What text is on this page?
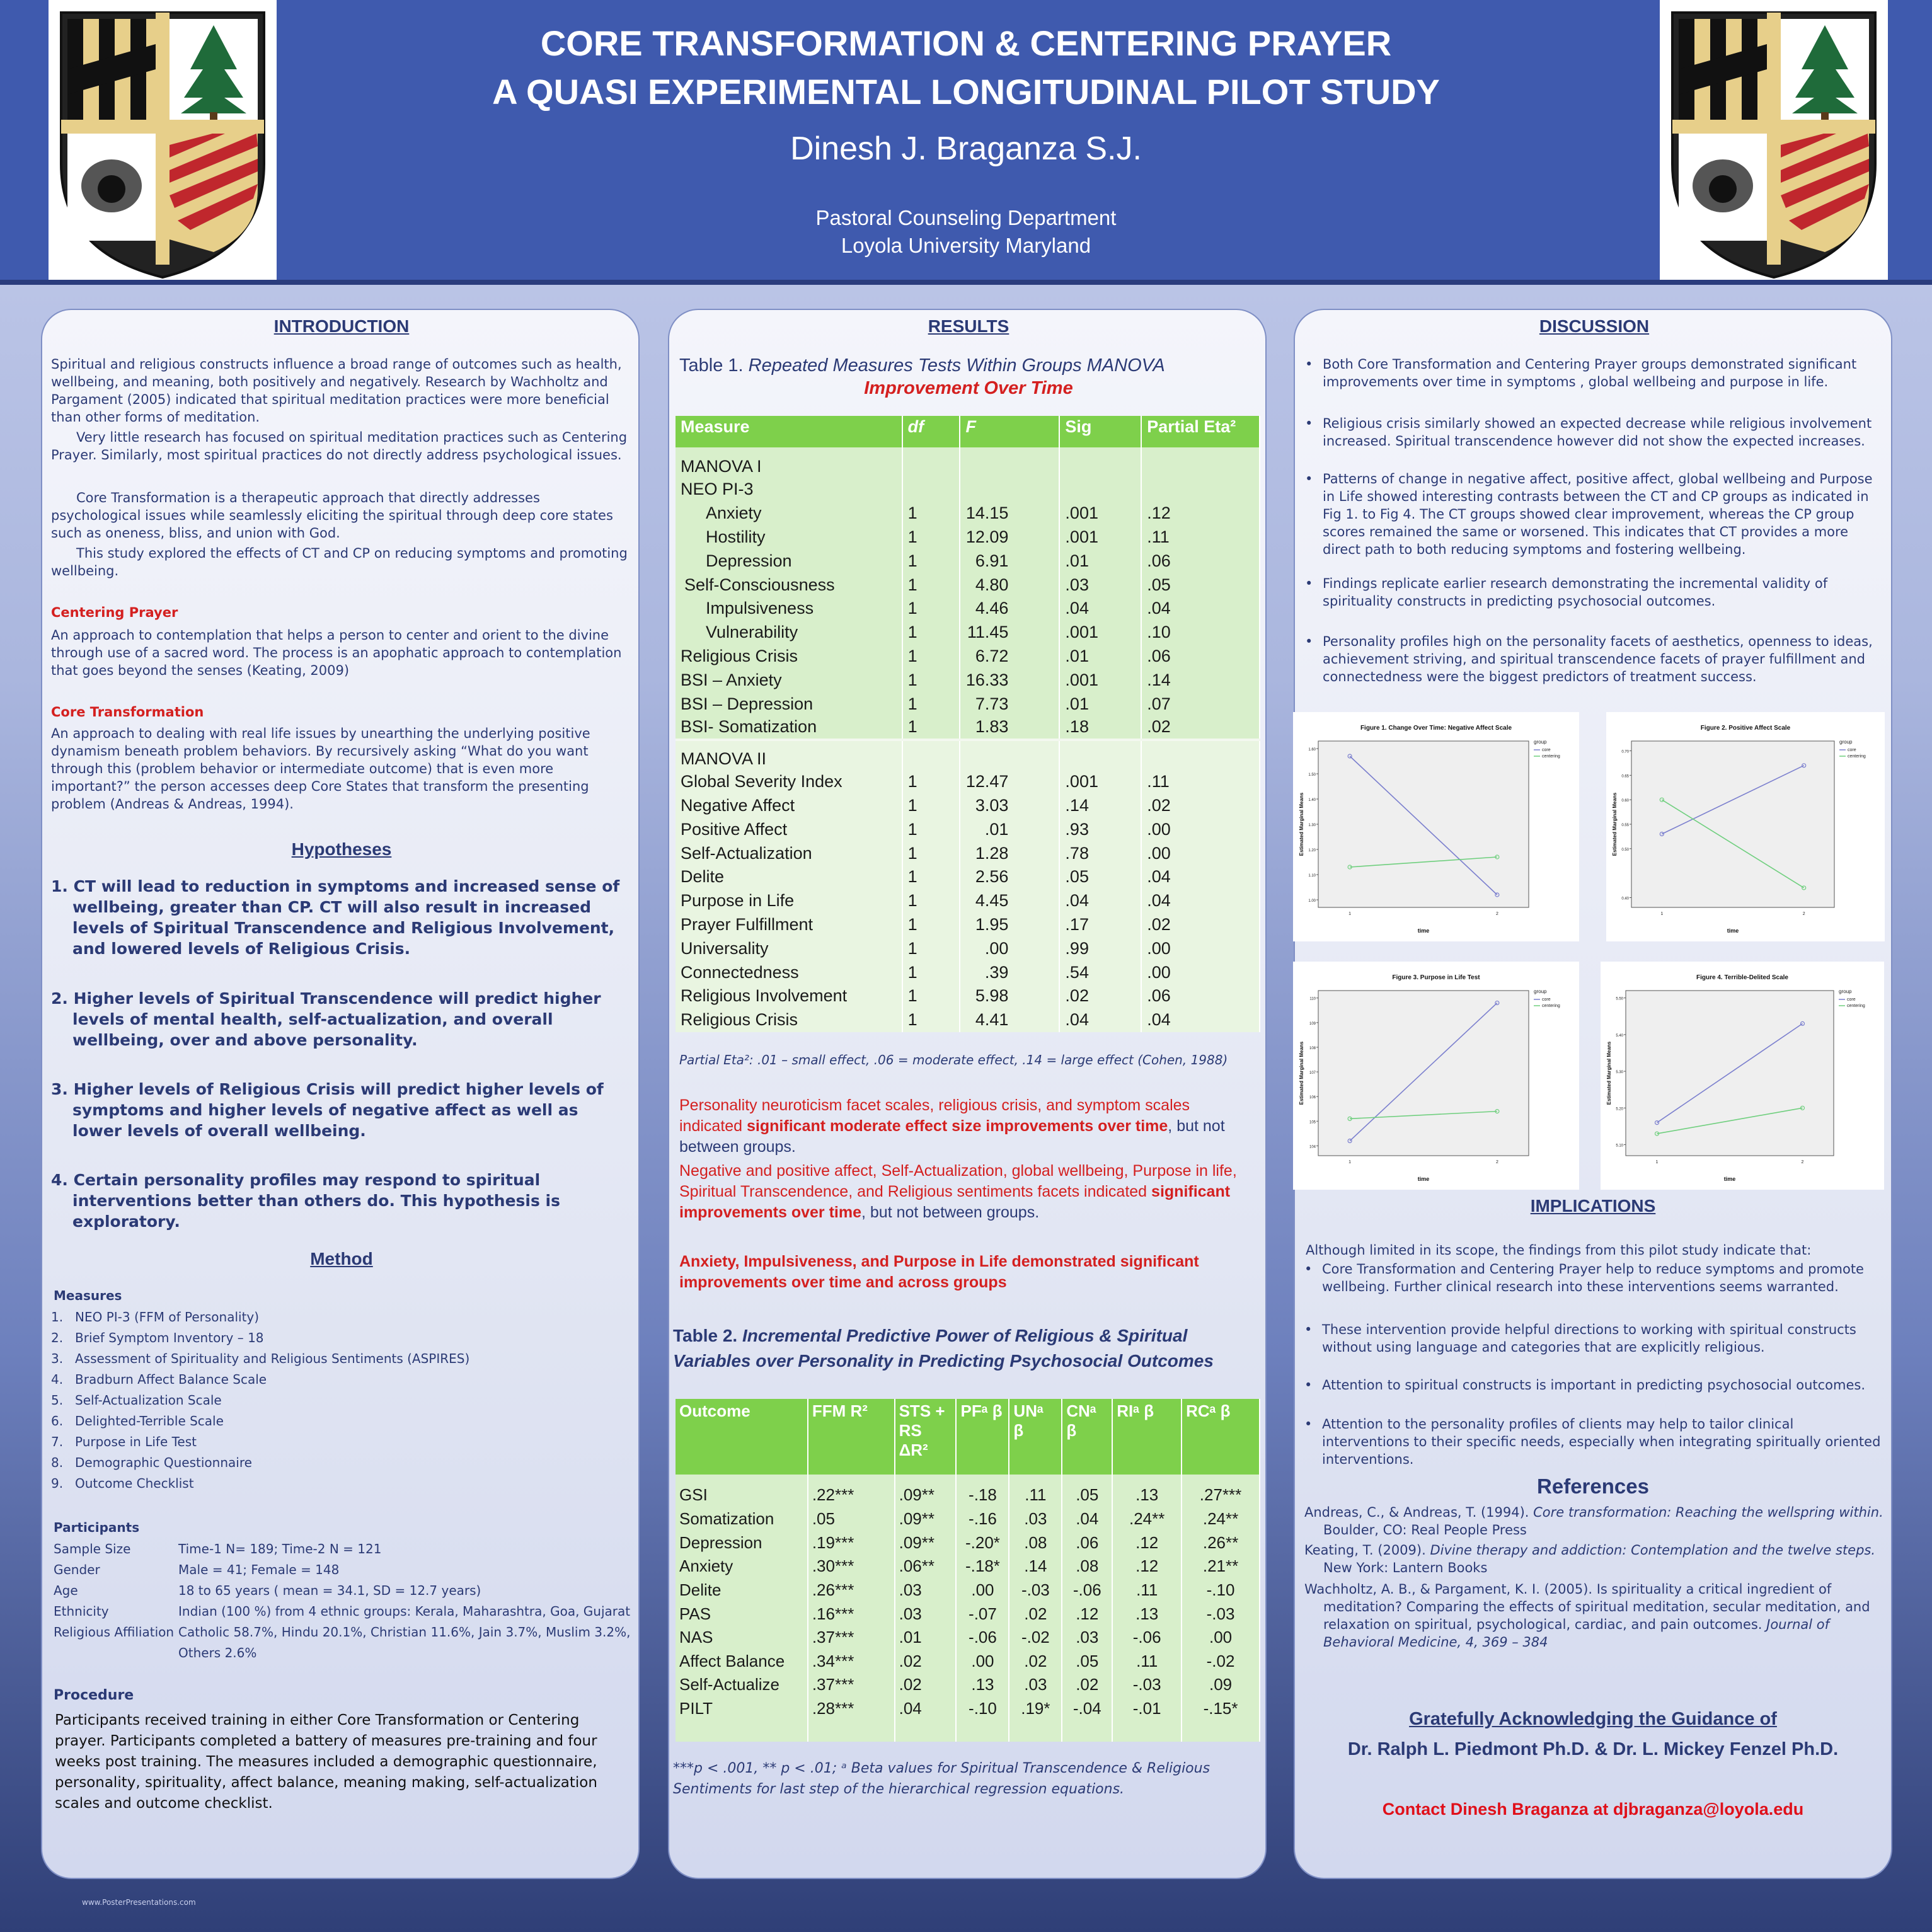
CORE TRANSFORMATION & CENTERING PRAYER
A QUASI EXPERIMENTAL LONGITUDINAL PILOT STUDY
Dinesh J. Braganza S.J.
Pastoral Counseling Department
Loyola University Maryland
INTRODUCTION
Spiritual and religious constructs influence a broad range of outcomes such as health, wellbeing, and meaning, both positively and negatively. Research by Wachholtz and Pargament (2005) indicated that spiritual meditation practices were more beneficial than other forms of meditation.
Very little research has focused on spiritual meditation practices such as Centering Prayer. Similarly, most spiritual practices do not directly address psychological issues.
Core Transformation is a therapeutic approach that directly addresses psychological issues while seamlessly eliciting the spiritual through deep core states such as oneness, bliss, and union with God.
This study explored the effects of CT and CP on reducing symptoms and promoting wellbeing.
Centering Prayer
An approach to contemplation that helps a person to center and orient to the divine through use of a sacred word. The process is an apophatic approach to contemplation that goes beyond the senses (Keating, 2009)
Core Transformation
An approach to dealing with real life issues by unearthing the underlying positive dynamism beneath problem behaviors. By recursively asking “What do you want through this (problem behavior or intermediate outcome) that is even more important?” the person accesses deep Core States that transform the presenting problem (Andreas & Andreas, 1994).
Hypotheses
1. CT will lead to reduction in symptoms and increased sense of wellbeing, greater than CP. CT will also result in increased levels of Spiritual Transcendence and Religious Involvement, and lowered levels of Religious Crisis.
2. Higher levels of Spiritual Transcendence will predict higher levels of mental health, self-actualization, and overall wellbeing, over and above personality.
3. Higher levels of Religious Crisis will predict higher levels of symptoms and higher levels of negative affect as well as lower levels of overall wellbeing.
4. Certain personality profiles may respond to spiritual interventions better than others do. This hypothesis is exploratory.
Method
Measures
1. NEO PI-3 (FFM of Personality)
2. Brief Symptom Inventory – 18
3. Assessment of Spirituality and Religious Sentiments (ASPIRES)
4. Bradburn Affect Balance Scale
5. Self-Actualization Scale
6. Delighted-Terrible Scale
7. Purpose in Life Test
8. Demographic Questionnaire
9. Outcome Checklist
Participants
Sample Size	Time-1 N= 189; Time-2 N = 121
Gender	Male = 41; Female = 148
Age	18 to 65 years ( mean = 34.1, SD = 12.7 years)
Ethnicity	Indian (100 %) from 4 ethnic groups: Kerala, Maharashtra, Goa, Gujarat
Religious Affiliation Catholic 58.7%, Hindu 20.1%, Christian 11.6%, Jain 3.7%, Muslim 3.2%, Others 2.6%
Procedure
Participants received training in either Core Transformation or Centering prayer. Participants completed a battery of measures pre-training and four weeks post training. The measures included a demographic questionnaire, personality, spirituality, affect balance, meaning making, self-actualization scales and outcome checklist.
RESULTS
Table 1. Repeated Measures Tests Within Groups MANOVA
Improvement Over Time
Measure	df	F	Sig	Partial Eta²
MANOVA I				
NEO PI-3				
Anxiety	1	14.15	.001	.12
Hostility	1	12.09	.001	.11
Depression	1	6.91	.01	.06
Self-Consciousness	1	4.80	.03	.05
Impulsiveness	1	4.46	.04	.04
Vulnerability	1	11.45	.001	.10
Religious Crisis	1	6.72	.01	.06
BSI – Anxiety	1	16.33	.001	.14
BSI – Depression	1	7.73	.01	.07
BSI- Somatization	1	1.83	.18	.02
MANOVA II				
Global Severity Index	1	12.47	.001	.11
Negative Affect	1	3.03	.14	.02
Positive Affect	1	.01	.93	.00
Self-Actualization	1	1.28	.78	.00
Delite	1	2.56	.05	.04
Purpose in Life	1	4.45	.04	.04
Prayer Fulfillment	1	1.95	.17	.02
Universality	1	.00	.99	.00
Connectedness	1	.39	.54	.00
Religious Involvement	1	5.98	.02	.06
Religious Crisis	1	4.41	.04	.04
Partial Eta²: .01 – small effect, .06 = moderate effect, .14 = large effect (Cohen, 1988)
Personality neuroticism facet scales, religious crisis, and symptom scales indicated significant moderate effect size improvements over time, but not between groups.
Negative and positive affect, Self-Actualization, global wellbeing, Purpose in life, Spiritual Transcendence, and Religious sentiments facets indicated significant improvements over time, but not between groups.
Anxiety, Impulsiveness, and Purpose in Life demonstrated significant improvements over time and across groups
Table 2. Incremental Predictive Power of Religious & Spiritual Variables over Personality in Predicting Psychosocial Outcomes
Outcome	FFM R²	STS + RS ΔR²	PFᵃ β	UNᵃ β	CNᵃ β	RIᵃ β	RCᵃ β
GSI	.22***	.09**	-.18	.11	.05	.13	.27***
Somatization	.05	.09**	-.16	.03	.04	.24**	.24**
Depression	.19***	.09**	-.20*	.08	.06	.12	.26**
Anxiety	.30***	.06**	-.18*	.14	.08	.12	.21**
Delite	.26***	.03	.00	-.03	-.06	.11	-.10
PAS	.16***	.03	-.07	.02	.12	.13	-.03
NAS	.37***	.01	-.06	-.02	.03	-.06	.00
Affect Balance	.34***	.02	.00	.02	.05	.11	-.02
Self-Actualize	.37***	.02	.13	.03	.02	-.03	.09
PILT	.28***	.04	-.10	.19*	-.04	-.01	-.15*

***p < .001, ** p < .01; ᵃ Beta values for Spiritual Transcendence & Religious Sentiments for last step of the hierarchical regression equations.
DISCUSSION
• Both Core Transformation and Centering Prayer groups demonstrated significant improvements over time in symptoms , global wellbeing and purpose in life.
• Religious crisis similarly showed an expected decrease while religious involvement increased. Spiritual transcendence however did not show the expected increases.
• Patterns of change in negative affect, positive affect, global wellbeing and Purpose in Life showed interesting contrasts between the CT and CP groups as indicated in Fig 1. to Fig 4. The CT groups showed clear improvement, whereas the CP group scores remained the same or worsened. This indicates that CT provides a more direct path to both reducing symptoms and fostering wellbeing.
• Findings replicate earlier research demonstrating the incremental validity of spirituality constructs in predicting psychosocial outcomes.
• Personality profiles high on the personality facets of aesthetics, openness to ideas, achievement striving, and spiritual transcendence facets of prayer fulfillment and connectedness were the biggest predictors of treatment success.
Figure 1. Change Over Time: Negative Affect Scale
Estimated Marginal Means
time
1.00
1.10
1.20
1.30
1.40
1.50
1.60
1	2
group
core
centering
Figure 2. Positive Affect Scale
Estimated Marginal Means
time
0.40
0.50
0.55
0.60
0.65
0.70
1	2
group
core
centering
Figure 3. Purpose in Life Test
Estimated Marginal Means
time
104
105
106
107
108
109
110
1	2
group
core
centering
Figure 4. Terrible-Delited Scale
Estimated Marginal Means
time
5.10
5.20
5.30
5.40
5.50
1	2
group
core
centering
IMPLICATIONS
Although limited in its scope, the findings from this pilot study indicate that:
• Core Transformation and Centering Prayer help to reduce symptoms and promote wellbeing. Further clinical research into these interventions seems warranted.
• These intervention provide helpful directions to working with spiritual constructs without using language and categories that are explicitly religious.
• Attention to spiritual constructs is important in predicting psychosocial outcomes.
• Attention to the personality profiles of clients may help to tailor clinical interventions to their specific needs, especially when integrating spiritually oriented interventions.
References
Andreas, C., & Andreas, T. (1994). Core transformation: Reaching the wellspring within. Boulder, CO: Real People Press
Keating, T. (2009). Divine therapy and addiction: Contemplation and the twelve steps. New York: Lantern Books
Wachholtz, A. B., & Pargament, K. I. (2005). Is spirituality a critical ingredient of meditation? Comparing the effects of spiritual meditation, secular meditation, and relaxation on spiritual, psychological, cardiac, and pain outcomes. Journal of Behavioral Medicine, 4, 369 – 384
Gratefully Acknowledging the Guidance of
Dr. Ralph L. Piedmont Ph.D. & Dr. L. Mickey Fenzel Ph.D.
Contact Dinesh Braganza at djbraganza@loyola.edu
www.PosterPresentations.com
